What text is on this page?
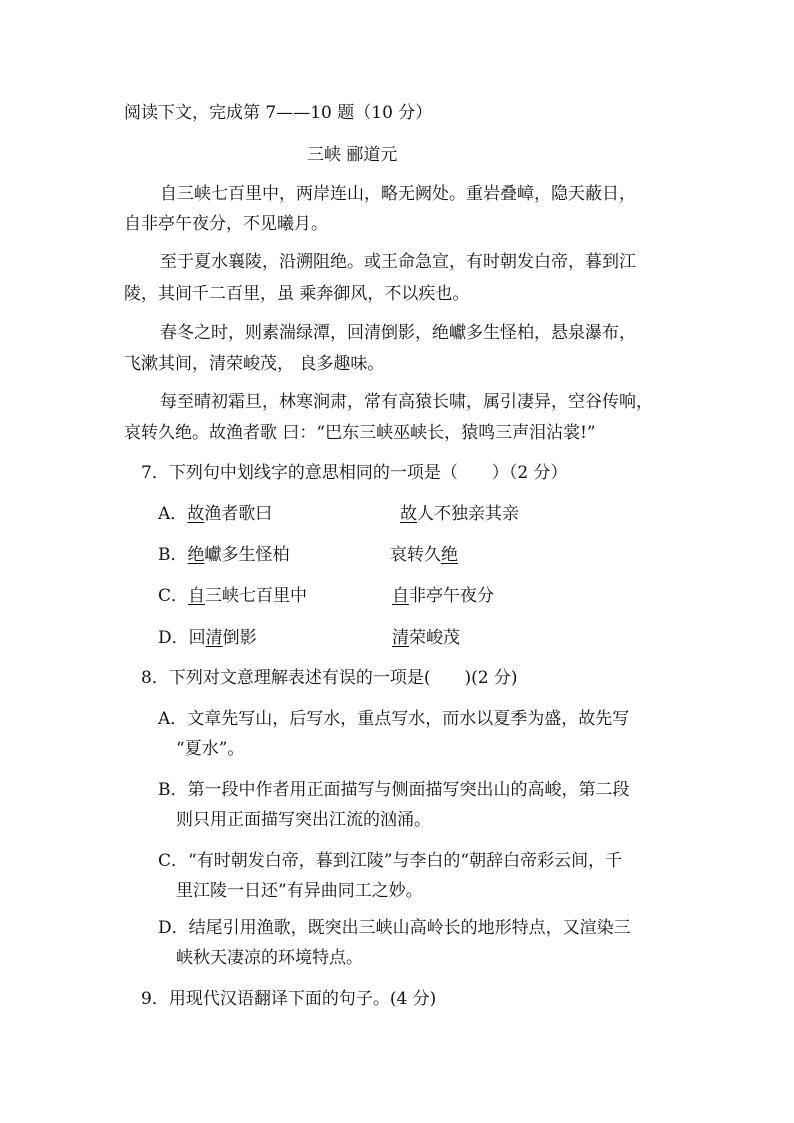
阅读下文，完成第 7——10 题（10 分）
三峡 郦道元
自三峡七百里中，两岸连山，略无阙处。重岩叠嶂，隐天蔽日，
自非亭午夜分，不见曦月。
至于夏水襄陵，沿溯阻绝。或王命急宣，有时朝发白帝，暮到江
陵，其间千二百里，虽 乘奔御风，不以疾也。
春冬之时，则素湍绿潭，回清倒影，绝巘多生怪柏，悬泉瀑布，
飞漱其间，清荣峻茂， 良多趣味。
每至晴初霜旦，林寒涧肃，常有高猿长啸，属引凄异，空谷传响，
哀转久绝。故渔者歌 曰：“巴东三峡巫峡长，猿鸣三声泪沾裳!”
7．下列句中划线字的意思相同的一项是（　　）（2 分）
A．故渔者歌曰	故人不独亲其亲
B．绝巘多生怪柏	哀转久绝
C．自三峡七百里中	自非亭午夜分
D．回清倒影	清荣峻茂
8．下列对文意理解表述有误的一项是(　　)(2 分)
A．文章先写山，后写水，重点写水，而水以夏季为盛，故先写
“夏水”。
B．第一段中作者用正面描写与侧面描写突出山的高峻，第二段
则只用正面描写突出江流的汹涌。
C．“有时朝发白帝，暮到江陵”与李白的“朝辞白帝彩云间，千
里江陵一日还”有异曲同工之妙。
D．结尾引用渔歌，既突出三峡山高岭长的地形特点，又渲染三
峡秋天凄凉的环境特点。
9．用现代汉语翻译下面的句子。(4 分)
